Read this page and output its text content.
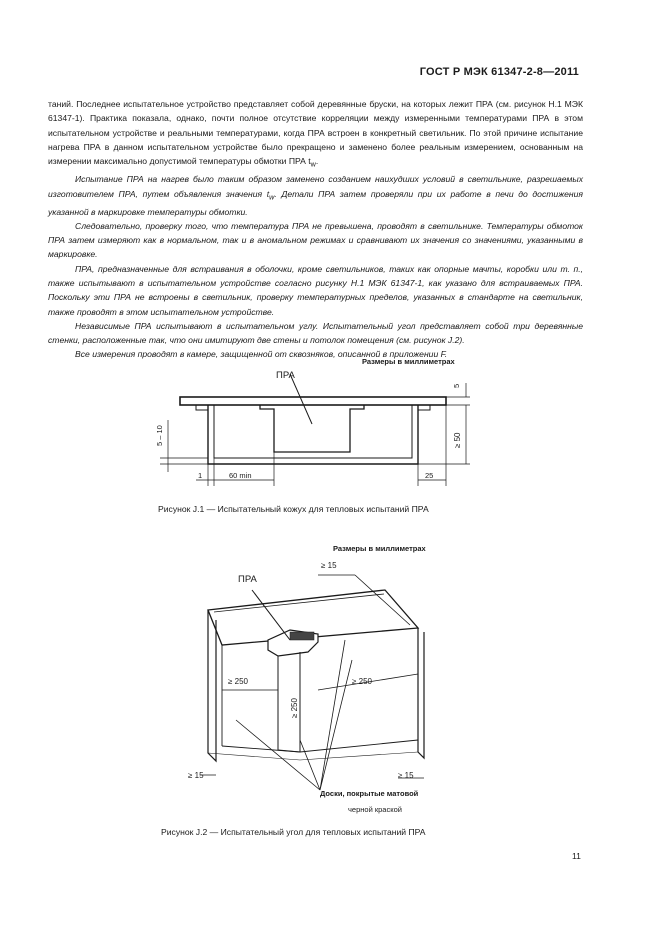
ГОСТ Р МЭК 61347-2-8—2011

таний. Последнее испытательное устройство представляет собой деревянные бруски, на которых лежит ПРА (см. рисунок Н.1 МЭК 61347-1). Практика показала, однако, почти полное отсутствие корреляции между измеренными температурами ПРА в этом испытательном устройстве и реальными температурами, когда ПРА встроен в конкретный светильник. По этой причине испытание нагрева ПРА в данном испытательном устройстве было прекращено и заменено более реальным измерением, основанным на измерении максимально допустимой температуры обмотки ПРА $t_w$.

Испытание ПРА на нагрев было таким образом заменено созданием наихудших условий в светильнике, разрешаемых изготовителем ПРА, путем объявления значения $t_w$. Детали ПРА затем проверяли при их работе в печи до достижения указанной в маркировке температуры обмотки.

Следовательно, проверку того, что температура ПРА не превышена, проводят в светильнике. Температуры обмоток ПРА затем измеряют как в нормальном, так и в аномальном режимах и сравнивают их значения со значениями, указанными в маркировке.

ПРА, предназначенные для встраивания в оболочки, кроме светильников, таких как опорные мачты, коробки или т. п., также испытывают в испытательном устройстве согласно рисунку Н.1 МЭК 61347-1, как указано для встраиваемых ПРА. Поскольку эти ПРА не встроены в светильник, проверку температурных пределов, указанных в стандарте на светильник, также проводят в этом испытательном устройстве.

Независимые ПРА испытывают в испытательном углу. Испытательный угол представляет собой три деревянные стенки, расположенные так, что они имитируют две стены и потолок помещения (см. рисунок J.2).

Все измерения проводят в камере, защищенной от сквозняков, описанной в приложении F.

Размеры в миллиметрах
ПРА
5
≥ 50
5 – 10
1	60 min	25
Рисунок J.1 — Испытательный кожух для тепловых испытаний ПРА
Размеры в миллиметрах
ПРА
≥ 15
≥ 250	≥ 250
≥ 250
≥ 15	≥ 15
Доски, покрытые матовой
черной краской
Рисунок J.2 — Испытательный угол для тепловых испытаний ПРА
11
